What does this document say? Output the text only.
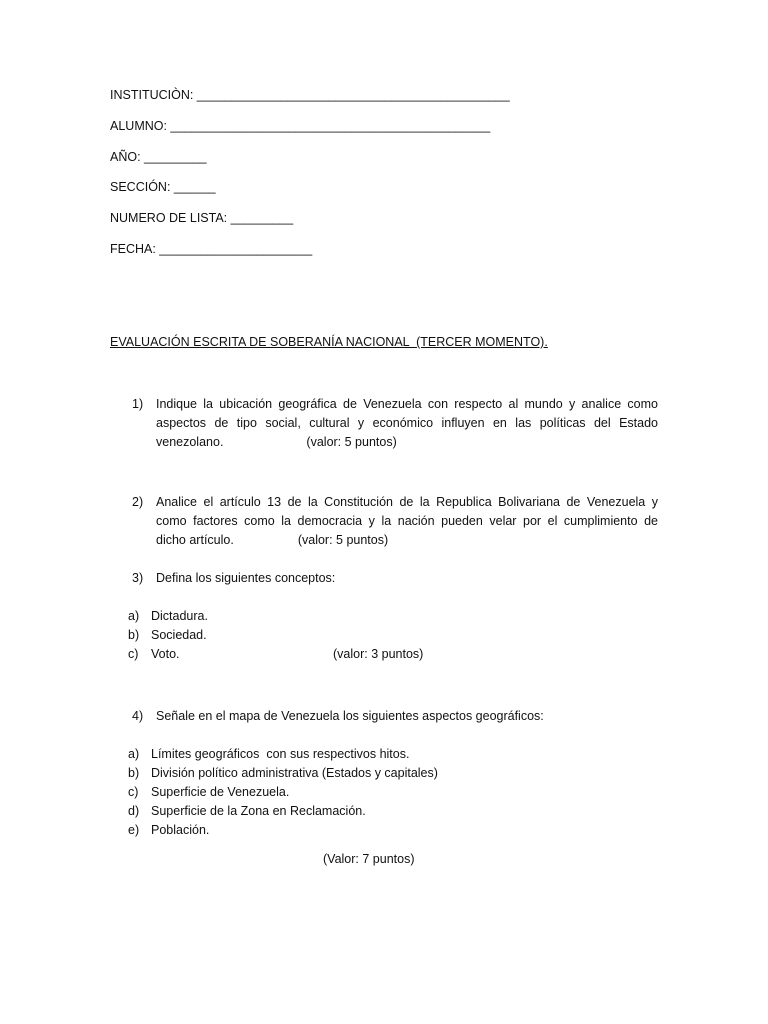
INSTITUCIÒN: _____________________________________________
ALUMNO: ______________________________________________
AÑO: _________
SECCIÓN: ______
NUMERO DE LISTA: _________
FECHA: ______________________
EVALUACIÓN ESCRITA DE SOBERANÍA NACIONAL  (TERCER MOMENTO).
1) Indique la ubicación geográfica de Venezuela con respecto al mundo y analice como
aspectos de tipo social, cultural y económico influyen en las políticas del Estado
venezolano.	(valor: 5 puntos)
2) Analice el artículo 13 de la Constitución de la Republica Bolivariana de Venezuela y
como factores como la democracia y la nación pueden velar por el cumplimiento de
dicho artículo.	(valor: 5 puntos)
3) Defina los siguientes conceptos:

a)

Dictadura.

b)

Sociedad.

c)

Voto.

	(valor: 3 puntos)

4) Señale en el mapa de Venezuela los siguientes aspectos geográficos:

a)

Límites geográficos  con sus respectivos hitos.

b)

División político administrativa (Estados y capitales)

c)

Superficie de Venezuela.

d)

Superficie de la Zona en Reclamación.

e)

Población.

(Valor: 7 puntos)
